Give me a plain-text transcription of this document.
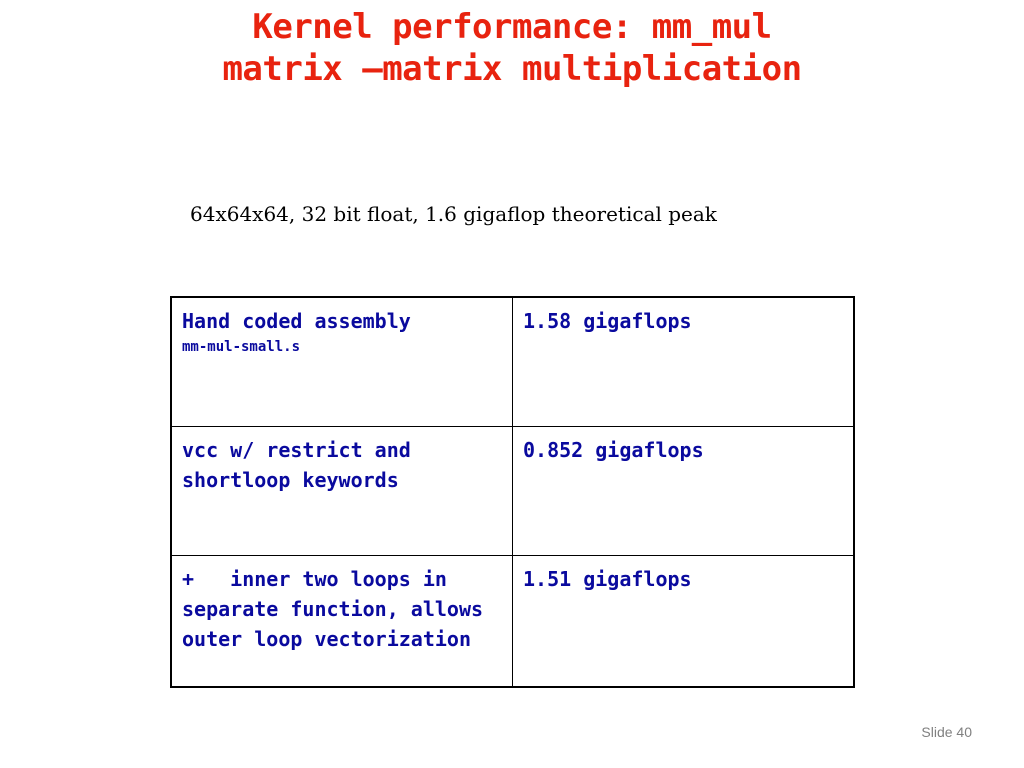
Kernel performance: mm_mul
matrix –matrix multiplication
64x64x64, 32 bit float, 1.6 gigaflop theoretical peak
Hand coded assembly
mm-mul-small.s	1.58 gigaflops
vcc w/ restrict and shortloop keywords	0.852 gigaflops
+   inner two loops in separate function, allows outer loop vectorization	1.51 gigaflops
Slide 40
